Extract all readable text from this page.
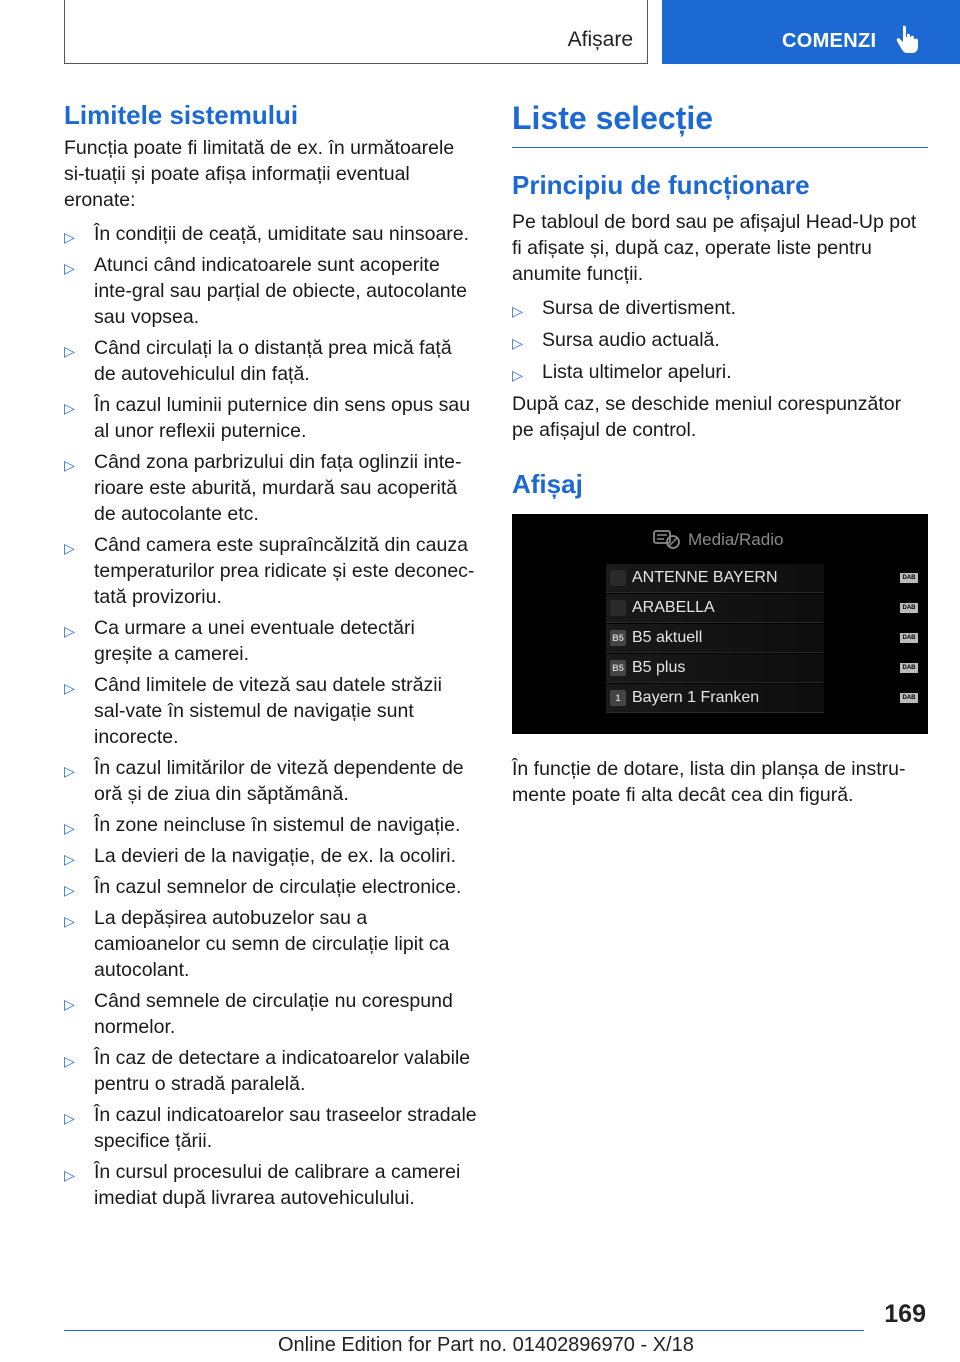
Afișare	COMENZI
Limitele sistemului

Funcția poate fi limitată de ex. în următoarele si-tuații și poate afișa informații eventual eronate:

▷ În condiții de ceață, umiditate sau ninsoare.
▷ Atunci când indicatoarele sunt acoperite inte-gral sau parțial de obiecte, autocolante sau vopsea.
▷ Când circulați la o distanță prea mică față de autovehiculul din față.
▷ În cazul luminii puternice din sens opus sau al unor reflexii puternice.
▷ Când zona parbrizului din fața oglinzii inte-rioare este aburită, murdară sau acoperită de autocolante etc.
▷ Când camera este supraîncălzită din cauza temperaturilor prea ridicate și este deconec-tată provizoriu.
▷ Ca urmare a unei eventuale detectări greșite a camerei.
▷ Când limitele de viteză sau datele străzii sal-vate în sistemul de navigație sunt incorecte.
▷ În cazul limitărilor de viteză dependente de oră și de ziua din săptămână.
▷ În zone neincluse în sistemul de navigație.
▷ La devieri de la navigație, de ex. la ocoliri.
▷ În cazul semnelor de circulație electronice.
▷ La depășirea autobuzelor sau a camioanelor cu semn de circulație lipit ca autocolant.
▷ Când semnele de circulație nu corespund normelor.
▷ În caz de detectare a indicatoarelor valabile pentru o stradă paralelă.
▷ În cazul indicatoarelor sau traseelor stradale specifice țării.
▷ În cursul procesului de calibrare a camerei imediat după livrarea autovehiculului.
Liste selecție
Principiu de funcționare

Pe tabloul de bord sau pe afișajul Head-Up pot fi afișate și, după caz, operate liste pentru anumite funcții.

▷ Sursa de divertisment.
▷ Sursa audio actuală.
▷ Lista ultimelor apeluri.

După caz, se deschide meniul corespunzător pe afișajul de control.

Afișaj
Media/Radio
ANTENNE BAYERN	DAB
ARABELLA	DAB
B5 B5 aktuell	DAB
B5 B5 plus	DAB
1 Bayern 1 Franken	DAB

În funcție de dotare, lista din planșa de instru-mente poate fi alta decât cea din figură.

169
Online Edition for Part no. 01402896970 - X/18
